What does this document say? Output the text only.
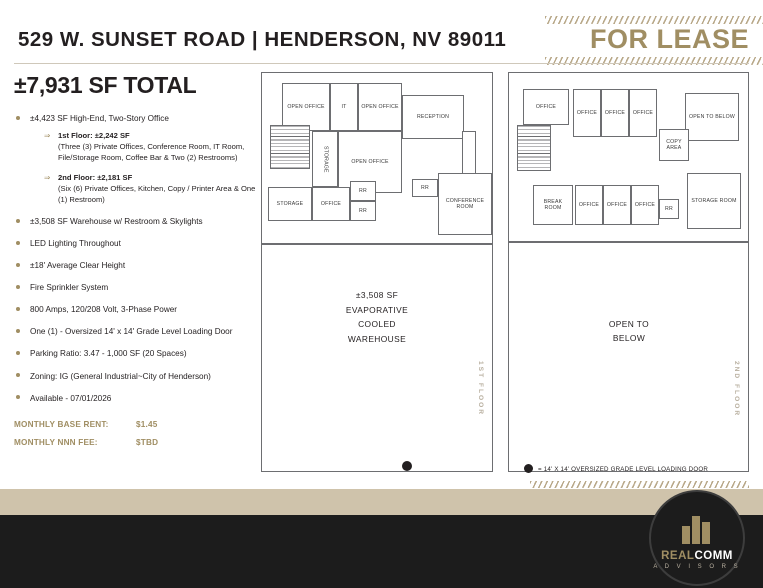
529 W. SUNSET ROAD | HENDERSON, NV 89011	FOR LEASE
±7,931 SF TOTAL
±4,423 SF High-End, Two-Story Office
⇒ 1st Floor: ±2,242 SF
(Three (3) Private Offices, Conference Room, IT Room, File/Storage Room, Coffee Bar & Two (2) Restrooms)
⇒ 2nd Floor: ±2,181 SF
(Six (6) Private Offices, Kitchen, Copy / Printer Area & One (1) Restroom)
±3,508 SF Warehouse w/ Restroom & Skylights
LED Lighting Throughout
±18' Average Clear Height
Fire Sprinkler System
800 Amps, 120/208 Volt, 3-Phase Power
One (1) - Oversized 14' x 14' Grade Level Loading Door
Parking Ratio: 3.47 - 1,000 SF (20 Spaces)
Zoning: IG (General Industrial~City of Henderson)
Available - 07/01/2026
MONTHLY BASE RENT:	$1.45
MONTHLY NNN FEE:	$TBD
OPEN OFFICE	IT	OPEN OFFICE
RECEPTION
STORAGE	OPEN OFFICE
STORAGE	OFFICE
RR
RR
RR
CONFERENCE ROOM
±3,508 SF
EVAPORATIVE
COOLED
WAREHOUSE
1ST FLOOR
OFFICE
OFFICE	OFFICE	OFFICE
OPEN TO BELOW
COPY AREA
BREAK ROOM
OFFICE	OFFICE	OFFICE
RR
STORAGE ROOM
OPEN TO
BELOW
2ND FLOOR
= 14' X 14' OVERSIZED GRADE LEVEL LOADING DOOR
REALCOMM
A D V I S O R S
